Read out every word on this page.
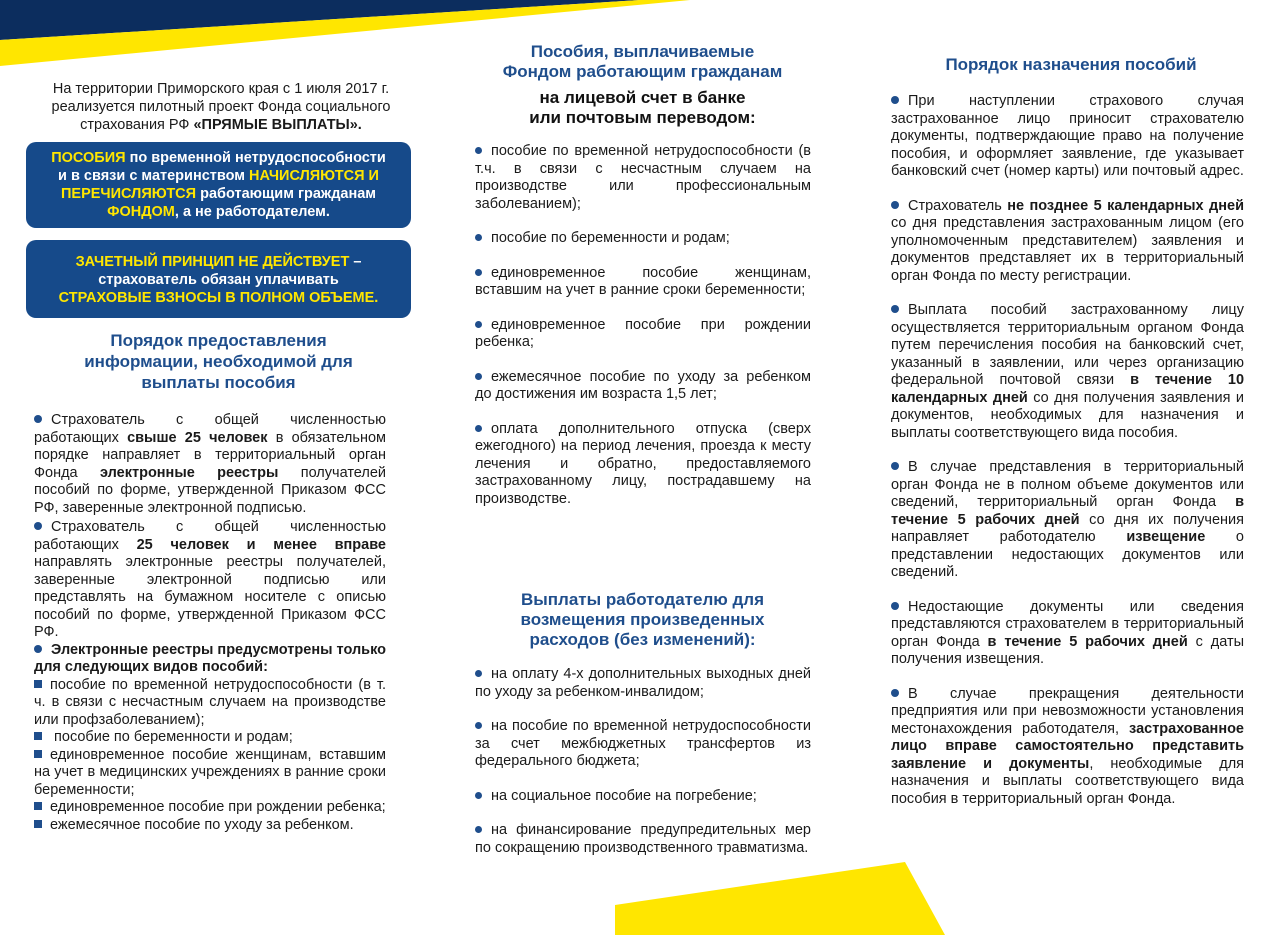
На территории Приморского края с 1 июля 2017 г.
реализуется пилотный проект Фонда социального
страхования РФ «ПРЯМЫЕ ВЫПЛАТЫ».
ПОСОБИЯ по временной нетрудоспособности
и в связи с материнством НАЧИСЛЯЮТСЯ И
ПЕРЕЧИСЛЯЮТСЯ работающим гражданам
ФОНДОМ, а не работодателем.
ЗАЧЕТНЫЙ ПРИНЦИП НЕ ДЕЙСТВУЕТ –
страхователь обязан уплачивать
СТРАХОВЫЕ ВЗНОСЫ В ПОЛНОМ ОБЪЕМЕ.
Порядок предоставления
информации, необходимой для
выплаты пособия

Страхователь с общей численностью работающих свыше 25 человек в обязательном порядке направляет в территориальный орган Фонда электронные реестры получателей пособий по форме, утвержденной Приказом ФСС РФ, заверенные электронной подписью.

Страхователь с общей численностью работающих 25 человек и менее вправе направлять электронные реестры получателей, заверенные электронной подписью или представлять на бумажном носителе с описью пособий по форме, утвержденной Приказом ФСС РФ.

Электронные реестры предусмотрены только для следующих видов пособий:

пособие по временной нетрудоспособности (в т. ч. в связи с несчастным случаем на производстве или профзаболеванием);

пособие по беременности и родам;

единовременное пособие женщинам, вставшим на учет в медицинских учреждениях в ранние сроки беременности;

единовременное пособие при рождении ребенка;

ежемесячное пособие по уходу за ребенком.

Пособия, выплачиваемые
Фондом работающим гражданам
на лицевой счет в банке
или почтовым переводом:

пособие по временной нетрудоспособности (в т.ч. в связи с несчастным случаем на производстве или профессиональным заболеванием);

пособие по беременности и родам;

единовременное пособие женщинам, вставшим на учет в ранние сроки беременности;

единовременное пособие при рождении ребенка;

ежемесячное пособие по уходу за ребенком до достижения им возраста 1,5 лет;

оплата дополнительного отпуска (сверх ежегодного) на период лечения, проезда к месту лечения и обратно, предоставляемого застрахованному лицу, пострадавшему на производстве.

Выплаты работодателю для
возмещения произведенных
расходов (без изменений):

на оплату 4-х дополнительных выходных дней по уходу за ребенком-инвалидом;

на пособие по временной нетрудоспособности за счет межбюджетных трансфертов из федерального бюджета;

на социальное пособие на погребение;

на финансирование предупредительных мер по сокращению производственного травматизма.

Порядок назначения пособий

При наступлении страхового случая застрахованное лицо приносит страхователю документы, подтверждающие право на получение пособия, и оформляет заявление, где указывает банковский счет (номер карты) или почтовый адрес.

Страхователь не позднее 5 календарных дней со дня представления застрахованным лицом (его уполномоченным представителем) заявления и документов представляет их в территориальный орган Фонда по месту регистрации.

Выплата пособий застрахованному лицу осуществляется территориальным органом Фонда путем перечисления пособия на банковский счет, указанный в заявлении, или через организацию федеральной почтовой связи в течение 10 календарных дней со дня получения заявления и документов, необходимых для назначения и выплаты соответствующего вида пособия.

В случае представления в территориальный орган Фонда не в полном объеме документов или сведений, территориальный орган Фонда в течение 5 рабочих дней со дня их получения направляет работодателю извещение о представлении недостающих документов или сведений.

Недостающие документы или сведения представляются страхователем в территориальный орган Фонда в течение 5 рабочих дней с даты получения извещения.

В случае прекращения деятельности предприятия или при невозможности установления местонахождения работодателя, застрахованное лицо вправе самостоятельно представить заявление и документы, необходимые для назначения и выплаты соответствующего вида пособия в территориальный орган Фонда.
